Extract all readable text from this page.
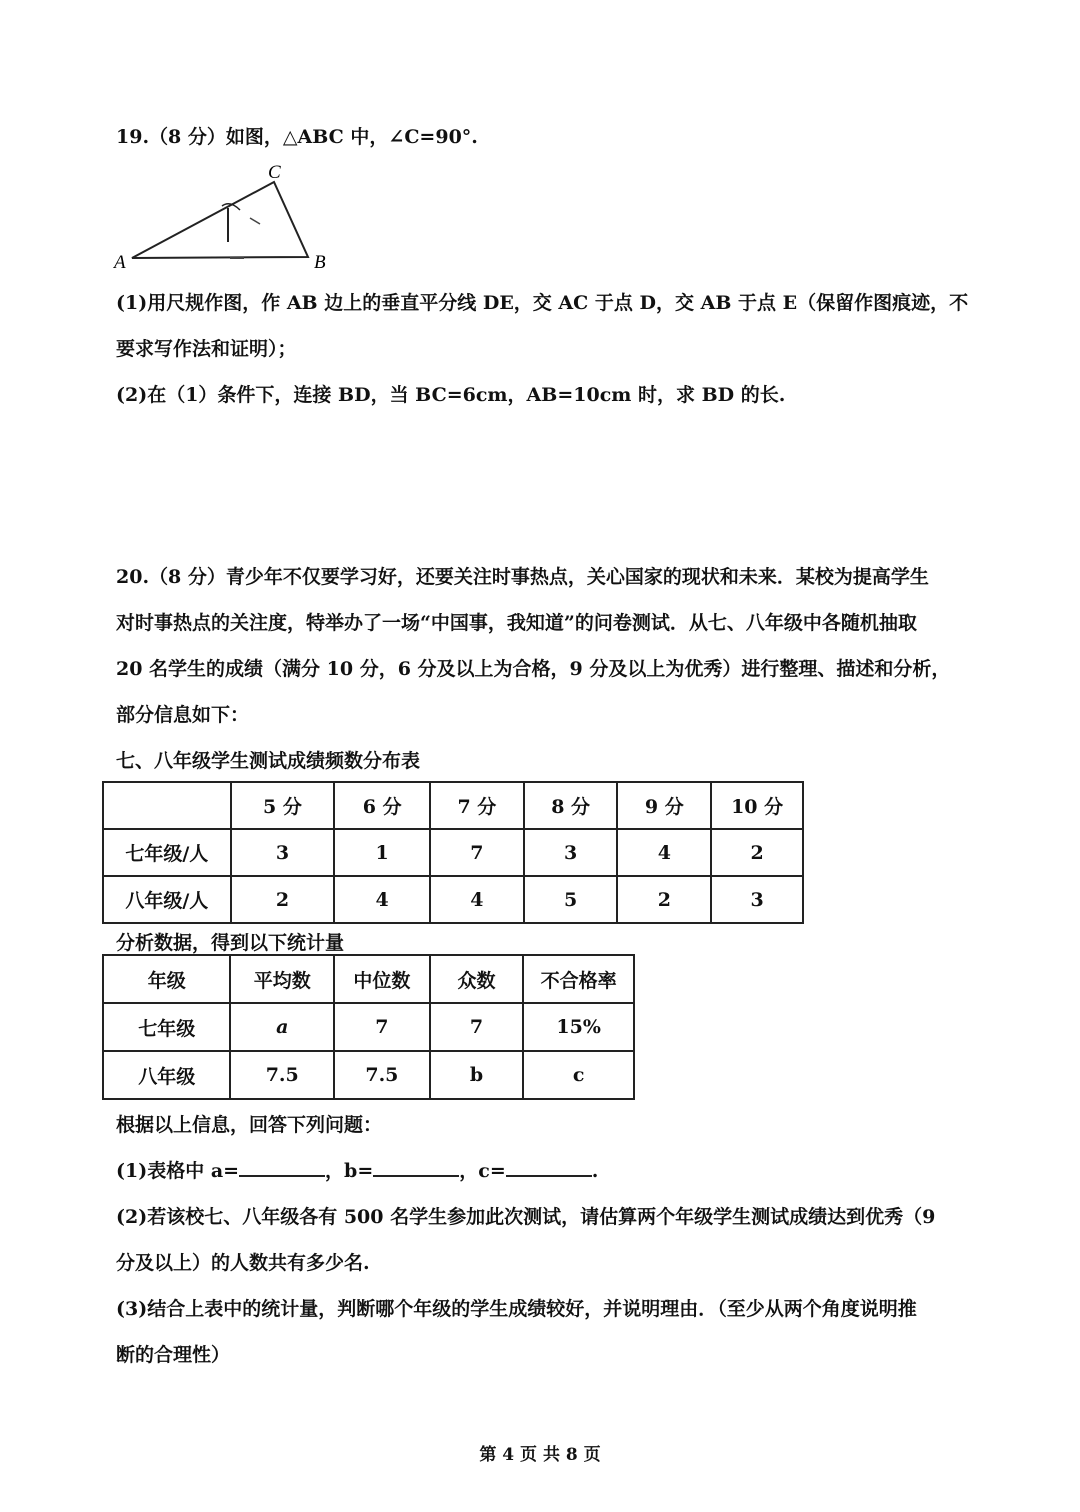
19.（8 分）如图，△ABC 中，∠C=90°.
C
A	B
(1)用尺规作图，作 AB 边上的垂直平分线 DE，交 AC 于点 D，交 AB 于点 E（保留作图痕迹，不
要求写作法和证明）；
(2)在（1）条件下，连接 BD，当 BC=6cm，AB=10cm 时，求 BD 的长.
20.（8 分）青少年不仅要学习好，还要关注时事热点，关心国家的现状和未来．某校为提高学生
对时事热点的关注度，特举办了一场“中国事，我知道”的问卷测试．从七、八年级中各随机抽取
20 名学生的成绩（满分 10 分，6 分及以上为合格，9 分及以上为优秀）进行整理、描述和分析，
部分信息如下：
七、八年级学生测试成绩频数分布表
	5 分	6 分	7 分	8 分	9 分	10 分
七年级/人	3	1	7	3	4	2
八年级/人	2	4	4	5	2	3
分析数据，得到以下统计量
年级	平均数	中位数	众数	不合格率
七年级	a	7	7	15%
八年级	7.5	7.5	b	c
根据以上信息，回答下列问题：
(1)表格中 a=	，b=	，c=	.
(2)若该校七、八年级各有 500 名学生参加此次测试，请估算两个年级学生测试成绩达到优秀（9
分及以上）的人数共有多少名.
(3)结合上表中的统计量，判断哪个年级的学生成绩较好，并说明理由．（至少从两个角度说明推
断的合理性）
第 4 页 共 8 页
